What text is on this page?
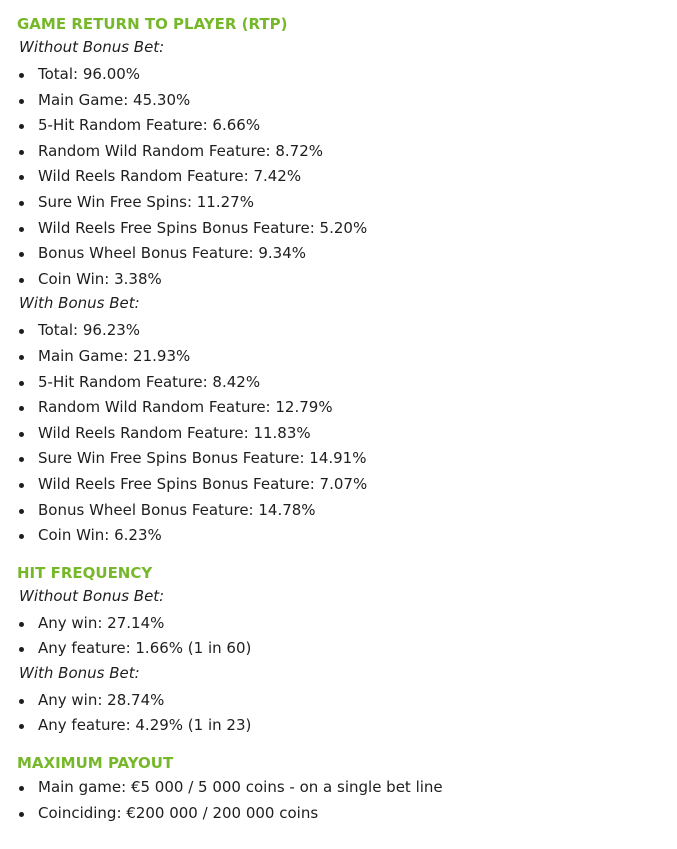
GAME RETURN TO PLAYER (RTP)
Without Bonus Bet:
Total: 96.00%
Main Game: 45.30%
5-Hit Random Feature: 6.66%
Random Wild Random Feature: 8.72%
Wild Reels Random Feature: 7.42%
Sure Win Free Spins: 11.27%
Wild Reels Free Spins Bonus Feature: 5.20%
Bonus Wheel Bonus Feature: 9.34%
Coin Win: 3.38%
With Bonus Bet:
Total: 96.23%
Main Game: 21.93%
5-Hit Random Feature: 8.42%
Random Wild Random Feature: 12.79%
Wild Reels Random Feature: 11.83%
Sure Win Free Spins Bonus Feature: 14.91%
Wild Reels Free Spins Bonus Feature: 7.07%
Bonus Wheel Bonus Feature: 14.78%
Coin Win: 6.23%
HIT FREQUENCY
Without Bonus Bet:
Any win: 27.14%
Any feature: 1.66% (1 in 60)
With Bonus Bet:
Any win: 28.74%
Any feature: 4.29% (1 in 23)
MAXIMUM PAYOUT
Main game: €5 000 / 5 000 coins - on a single bet line
Coinciding: €200 000 / 200 000 coins
